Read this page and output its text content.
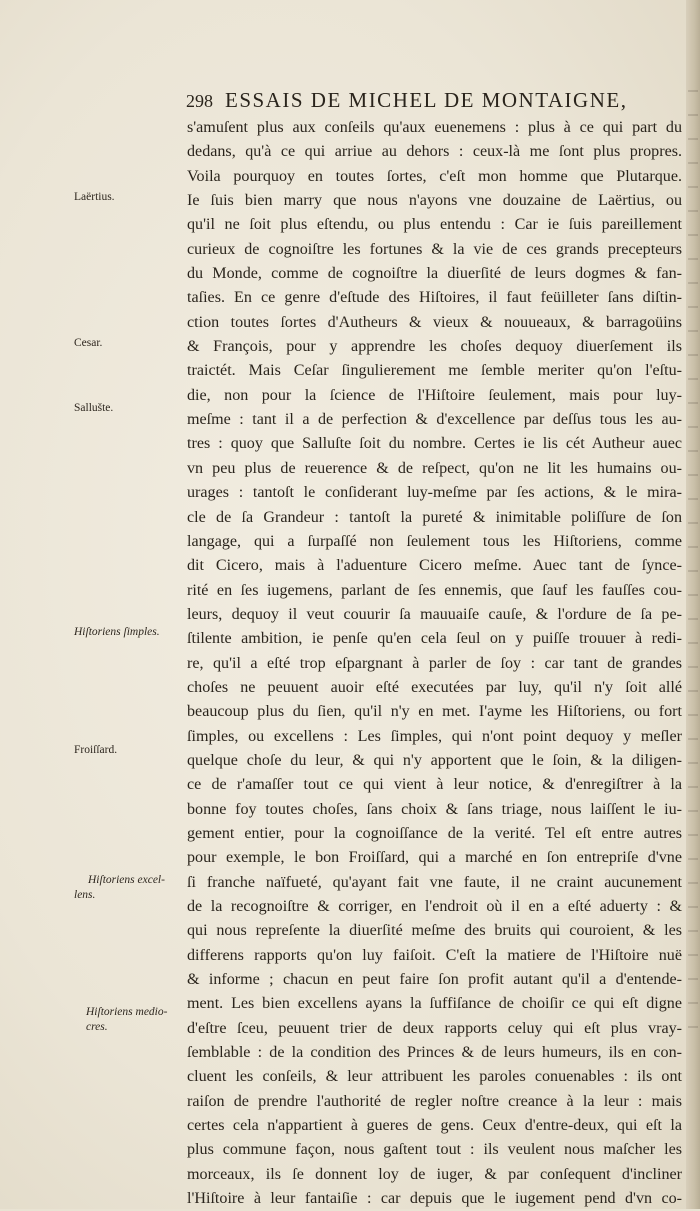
298 ESSAIS DE MICHEL DE MONTAIGNE,
Laërtius.
Cesar.
Sallušte.
Hiſtoriens ſimples.
Froiſſard.
Hiſtoriens excel-
lens.
Hiſtoriens medio-
cres.
s'amuſent plus aux conſeils qu'aux euenemens : plus à ce qui part du
dedans, qu'à ce qui arriue au dehors : ceux-là me ſont plus propres.
Voila pourquoy en toutes ſortes, c'eſt mon homme que Plutarque.
Ie ſuis bien marry que nous n'ayons vne douzaine de Laërtius, ou
qu'il ne ſoit plus eſtendu, ou plus entendu : Car ie ſuis pareillement
curieux de cognoiſtre les fortunes & la vie de ces grands precepteurs
du Monde, comme de cognoiſtre la diuerſité de leurs dogmes & fan-
taſies. En ce genre d'eſtude des Hiſtoires, il faut feüilleter ſans diſtin-
ction toutes ſortes d'Autheurs & vieux & nouueaux, & barragoüins
& François, pour y apprendre les choſes dequoy diuerſement ils
traictét. Mais Ceſar ſingulierement me ſemble meriter qu'on l'eſtu-
die, non pour la ſcience de l'Hiſtoire ſeulement, mais pour luy-
meſme : tant il a de perfection & d'excellence par deſſus tous les au-
tres : quoy que Salluſte ſoit du nombre. Certes ie lis cét Autheur auec
vn peu plus de reuerence & de reſpect, qu'on ne lit les humains ou-
urages : tantoſt le conſiderant luy-meſme par ſes actions, & le mira-
cle de ſa Grandeur : tantoſt la pureté & inimitable poliſſure de ſon
langage, qui a ſurpaſſé non ſeulement tous les Hiſtoriens, comme
dit Cicero, mais à l'aduenture Cicero meſme. Auec tant de ſynce-
rité en ſes iugemens, parlant de ſes ennemis, que ſauf les fauſſes cou-
leurs, dequoy il veut couurir ſa mauuaiſe cauſe, & l'ordure de ſa pe-
ſtilente ambition, ie penſe qu'en cela ſeul on y puiſſe trouuer à redi-
re, qu'il a eſté trop eſpargnant à parler de ſoy : car tant de grandes
choſes ne peuuent auoir eſté executées par luy, qu'il n'y ſoit allé
beaucoup plus du ſien, qu'il n'y en met. I'ayme les Hiſtoriens, ou fort
ſimples, ou excellens : Les ſimples, qui n'ont point dequoy y meſler
quelque choſe du leur, & qui n'y apportent que le ſoin, & la diligen-
ce de r'amaſſer tout ce qui vient à leur notice, & d'enregiſtrer à la
bonne foy toutes choſes, ſans choix & ſans triage, nous laiſſent le iu-
gement entier, pour la cognoiſſance de la verité. Tel eſt entre autres
pour exemple, le bon Froiſſard, qui a marché en ſon entrepriſe d'vne
ſi franche naïfueté, qu'ayant fait vne faute, il ne craint aucunement
de la recognoiſtre & corriger, en l'endroit où il en a eſté aduerty : &
qui nous repreſente la diuerſité meſme des bruits qui couroient, & les
differens rapports qu'on luy faiſoit. C'eſt la matiere de l'Hiſtoire nuë
& informe ; chacun en peut faire ſon profit autant qu'il a d'entende-
ment. Les bien excellens ayans la ſuffiſance de choiſir ce qui eſt digne
d'eſtre ſceu, peuuent trier de deux rapports celuy qui eſt plus vray-
ſemblable : de la condition des Princes & de leurs humeurs, ils en con-
cluent les conſeils, & leur attribuent les paroles conuenables : ils ont
raiſon de prendre l'authorité de regler noſtre creance à la leur : mais
certes cela n'appartient à gueres de gens. Ceux d'entre-deux, qui eſt la
plus commune façon, nous gaſtent tout : ils veulent nous maſcher les
morceaux, ils ſe donnent loy de iuger, & par conſequent d'incliner
l'Hiſtoire à leur fantaiſie : car depuis que le iugement pend d'vn co-
